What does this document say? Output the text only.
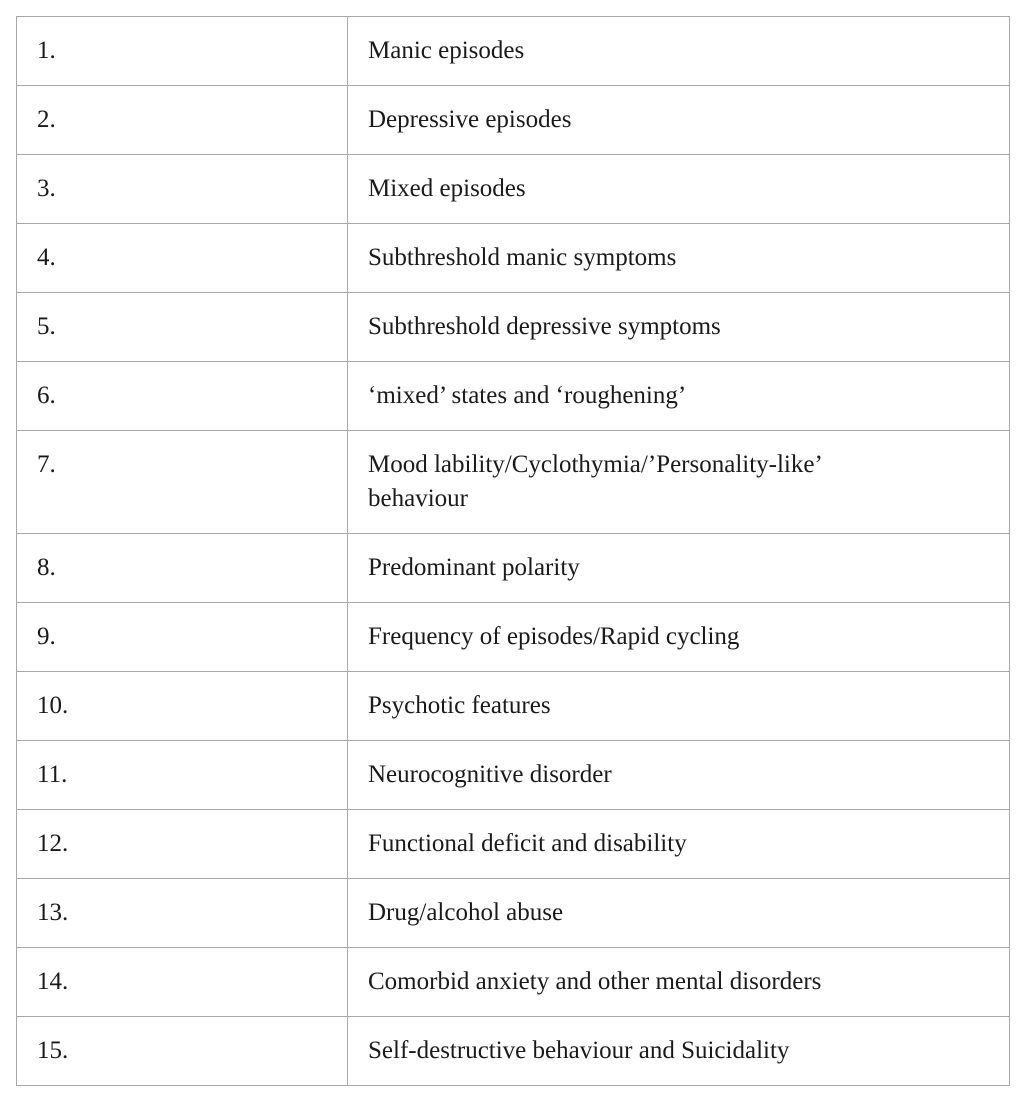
1.	Manic episodes
2.	Depressive episodes
3.	Mixed episodes
4.	Subthreshold manic symptoms
5.	Subthreshold depressive symptoms
6.	‘mixed’ states and ‘roughening’
7.	Mood lability/Cyclothymia/’Personality-like’ behaviour
8.	Predominant polarity
9.	Frequency of episodes/Rapid cycling
10.	Psychotic features
11.	Neurocognitive disorder
12.	Functional deficit and disability
13.	Drug/alcohol abuse
14.	Comorbid anxiety and other mental disorders
15.	Self-destructive behaviour and Suicidality
